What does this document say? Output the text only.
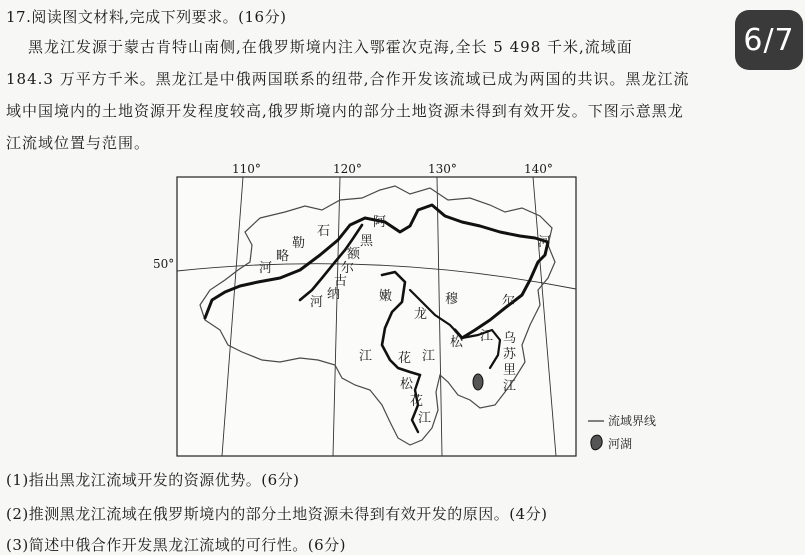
17.阅读图文材料,完成下列要求。(16分)
6/7
黑龙江发源于蒙古肯特山南侧,在俄罗斯境内注入鄂霍次克海,全长 5 498 千米,流域面
184.3 万平方千米。黑龙江是中俄两国联系的纽带,合作开发该流域已成为两国的共识。黑龙江流
域中国境内的土地资源开发程度较高,俄罗斯境内的部分土地资源未得到有效开发。下图示意黑龙
江流域位置与范围。
110°	120°	130°	140°
50°	河
略
勒
石
阿
穆	尔
河
黑
额
尔
古
纳
河	嫩
龙
江 花
松 江
江
松
花
江
乌
苏
里
江
流域界线
河湖
(1)指出黑龙江流域开发的资源优势。(6分)
(2)推测黑龙江流域在俄罗斯境内的部分土地资源未得到有效开发的原因。(4分)
(3)简述中俄合作开发黑龙江流域的可行性。(6分)
